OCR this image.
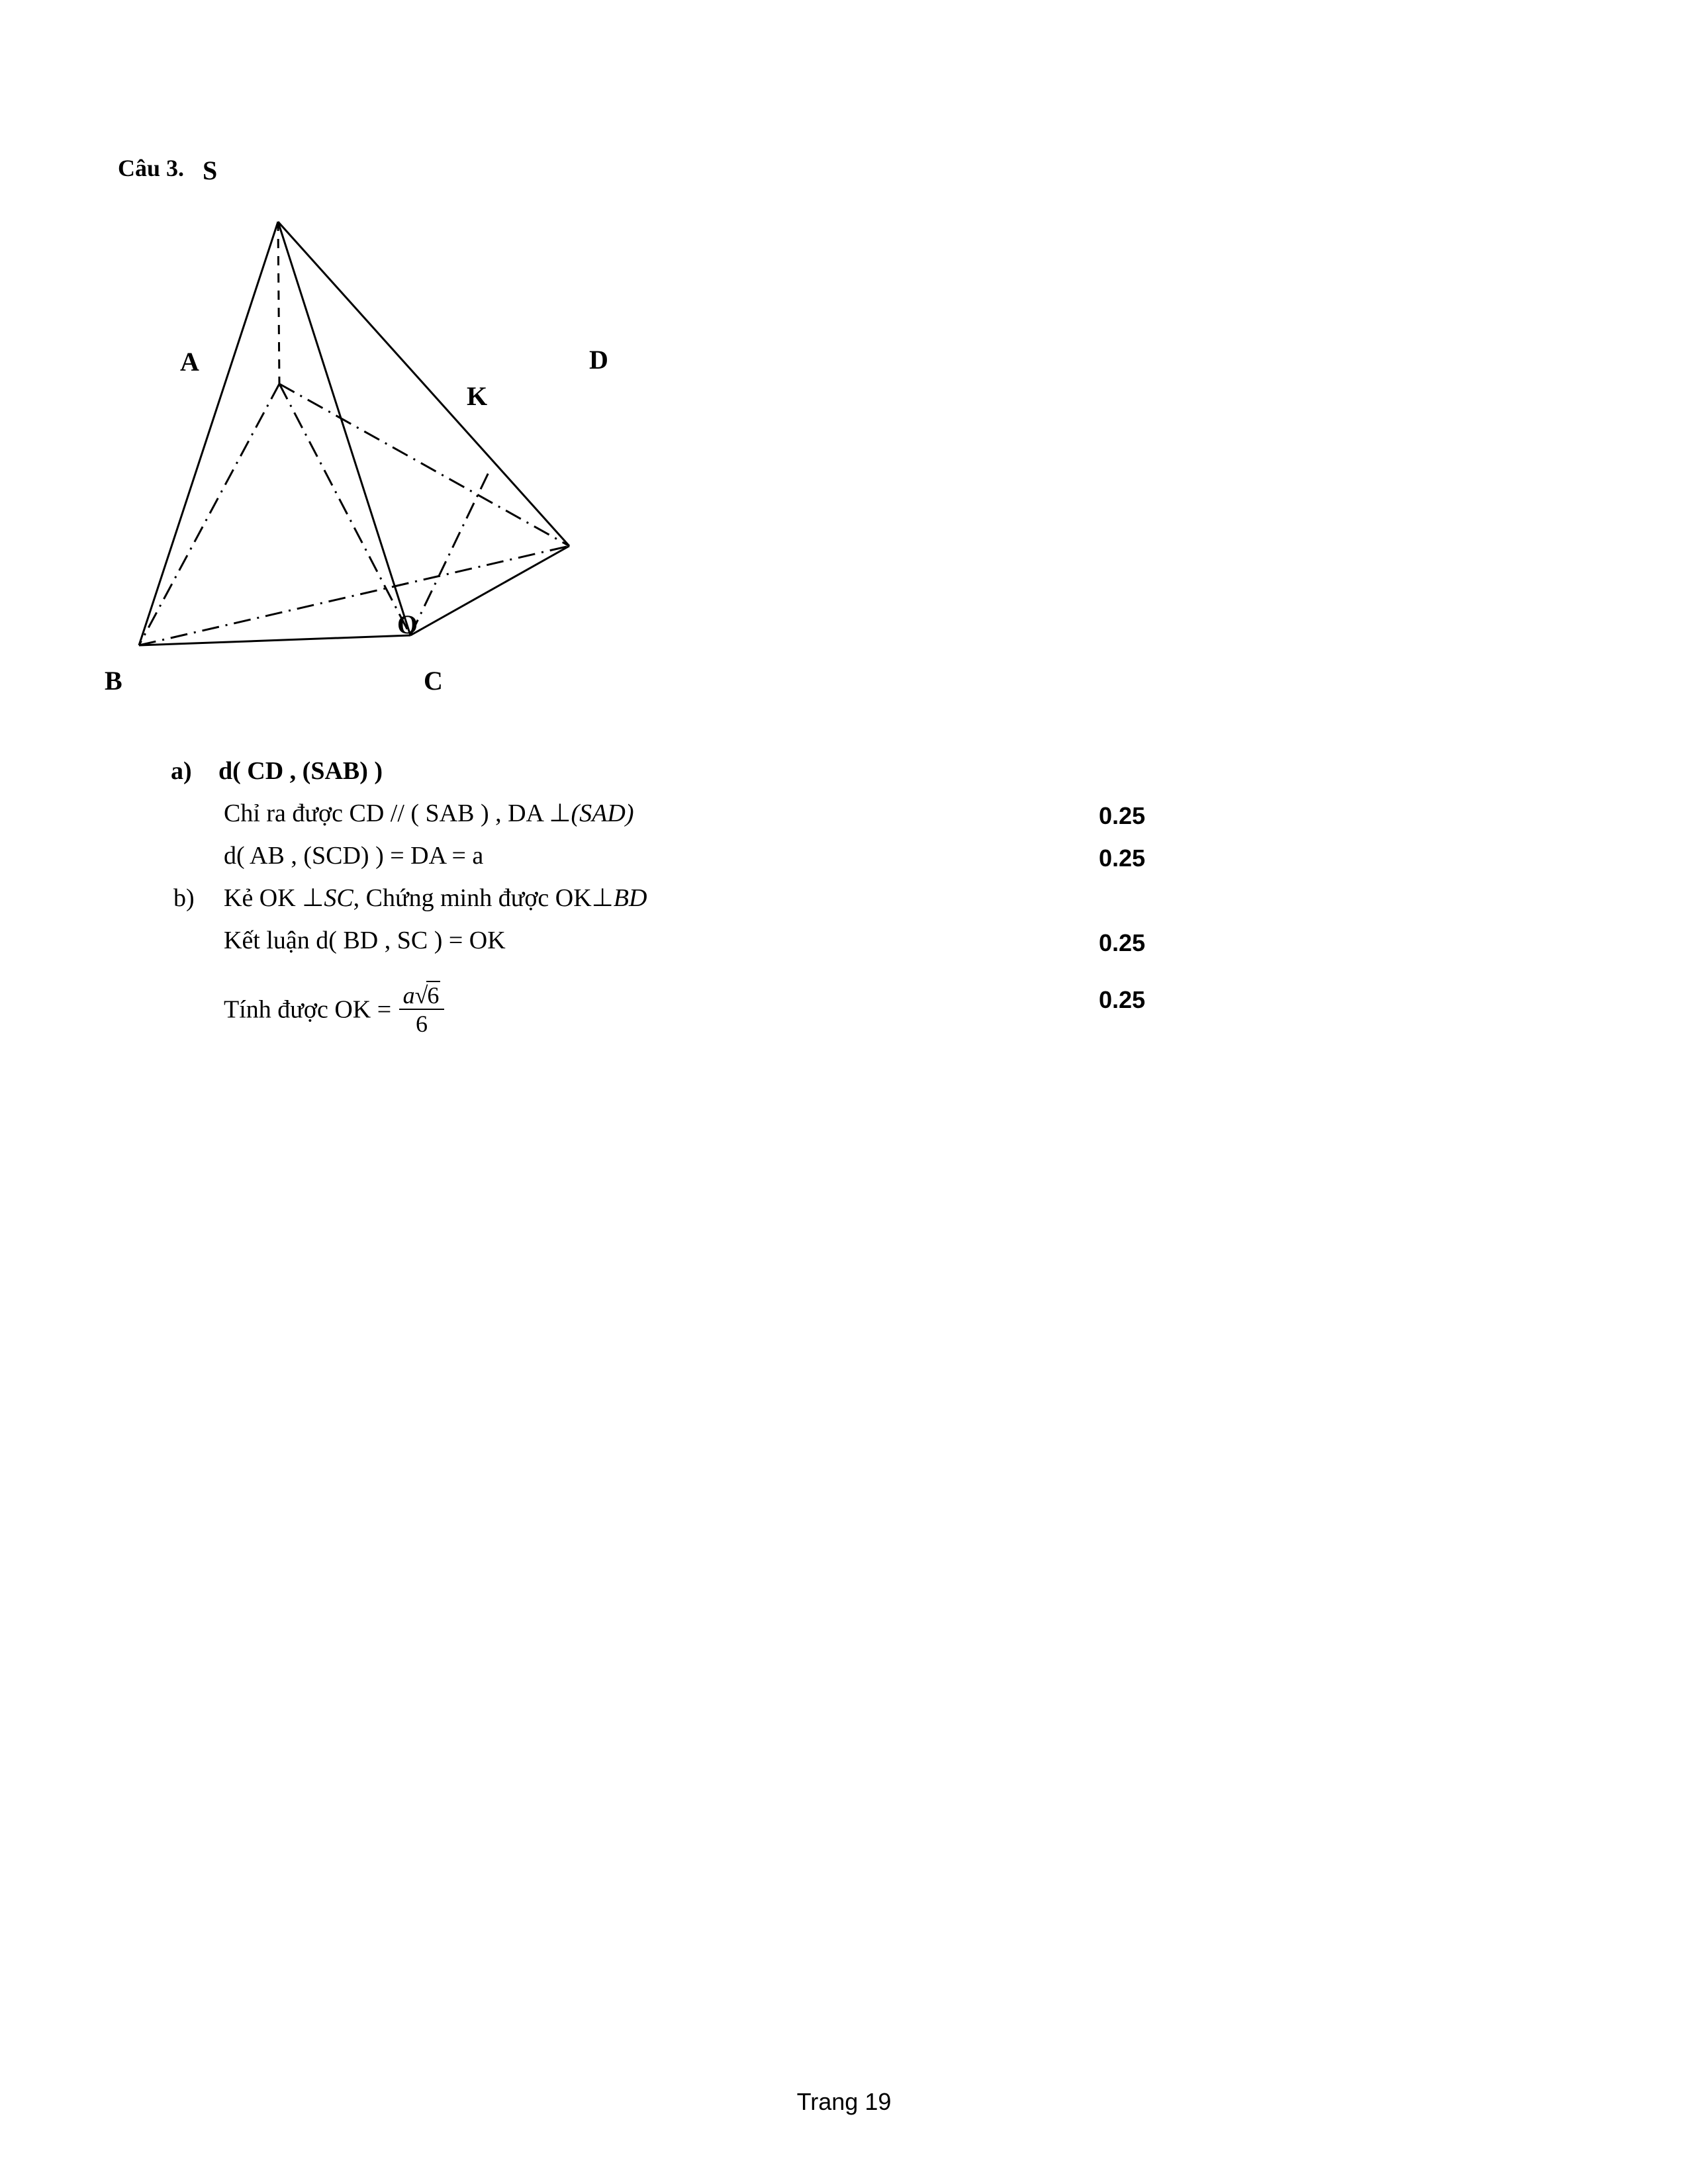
Câu 3. S
A
B	C
D
K
O
a) d( CD , (SAB) )
Chỉ ra được CD // ( SAB ) , DA ⊥(SAD)	0.25
d( AB , (SCD) ) = DA = a	0.25
b) Kẻ OK ⊥SC, Chứng minh được OK⊥BD
Kết luận d( BD , SC ) = OK	0.25
Tính được OK = $\frac{a√6}{6}$	0.25
Trang 19
